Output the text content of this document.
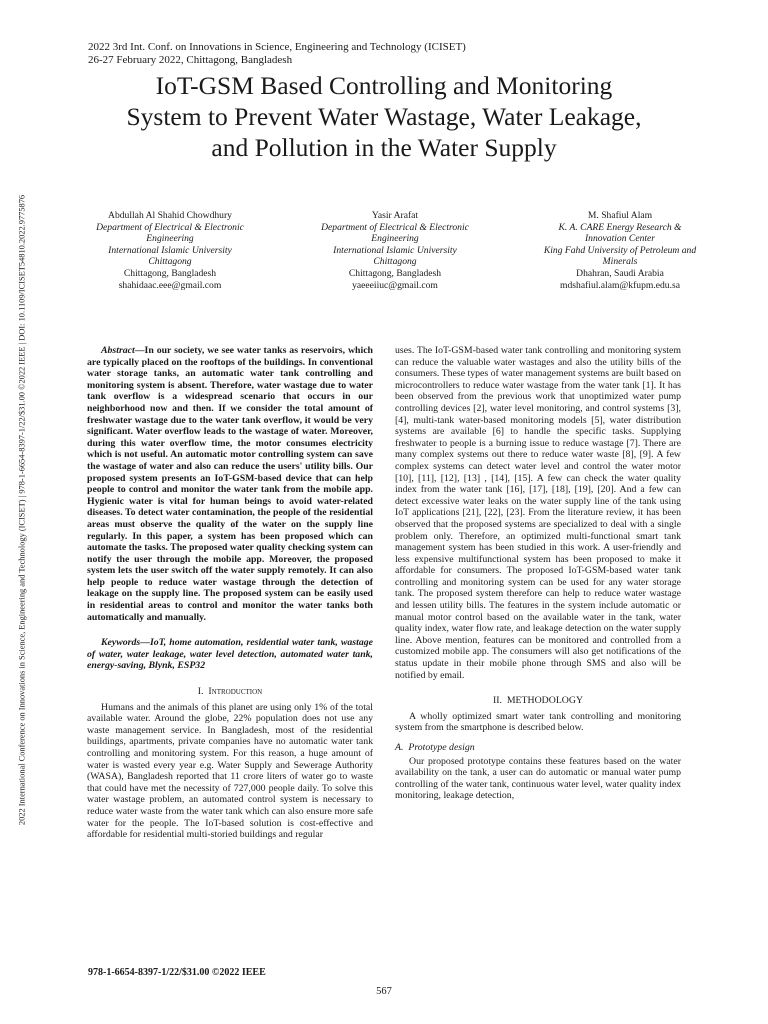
2022 International Conference on Innovations in Science, Engineering and Technology (ICISET) | 978-1-6654-8397-1/22/$31.00 ©2022 IEEE | DOI: 10.1109/ICISET54810.2022.9775876
2022 3rd Int. Conf. on Innovations in Science, Engineering and Technology (ICISET)
26-27 February 2022, Chittagong, Bangladesh
IoT-GSM Based Controlling and Monitoring
System to Prevent Water Wastage, Water Leakage,
and Pollution in the Water Supply
Abdullah Al Shahid Chowdhury
Department of Electrical & Electronic
Engineering
International Islamic University
Chittagong
Chittagong, Bangladesh
shahidaac.eee@gmail.com
Yasir Arafat
Department of Electrical & Electronic
Engineering
International Islamic University
Chittagong
Chittagong, Bangladesh
yaeeeiiuc@gmail.com
M. Shafiul Alam
K. A. CARE Energy Research &
Innovation Center
King Fahd University of Petroleum and
Minerals
Dhahran, Saudi Arabia
mdshafiul.alam@kfupm.edu.sa

Abstract—In our society, we see water tanks as reservoirs, which are typically placed on the rooftops of the buildings. In conventional water storage tanks, an automatic water tank controlling and monitoring system is absent. Therefore, water wastage due to water tank overflow is a widespread scenario that occurs in our neighborhood now and then. If we consider the total amount of freshwater wastage due to the water tank overflow, it would be very significant. Water overflow leads to the wastage of water. Moreover, during this water overflow time, the motor consumes electricity which is not useful. An automatic motor controlling system can save the wastage of water and also can reduce the users' utility bills. Our proposed system presents an IoT-GSM-based device that can help people to control and monitor the water tank from the mobile app. Hygienic water is vital for human beings to avoid water-related diseases. To detect water contamination, the people of the residential areas must observe the quality of the water on the supply line regularly. In this paper, a system has been proposed which can automate the tasks. The proposed water quality checking system can notify the user through the mobile app. Moreover, the proposed system lets the user switch off the water supply remotely. It can also help people to reduce water wastage through the detection of leakage on the supply line. The proposed system can be easily used in residential areas to control and monitor the water tanks both automatically and manually.

Keywords—IoT, home automation, residential water tank, wastage of water, water leakage, water level detection, automated water tank, energy-saving, Blynk, ESP32

I. Introduction

Humans and the animals of this planet are using only 1% of the total available water. Around the globe, 22% population does not use any waste management service. In Bangladesh, most of the residential buildings, apartments, private companies have no automatic water tank controlling and monitoring system. For this reason, a huge amount of water is wasted every year e.g. Water Supply and Sewerage Authority (WASA), Bangladesh reported that 11 crore liters of water go to waste that could have met the necessity of 727,000 people daily. To solve this water wastage problem, an automated control system is necessary to reduce water waste from the water tank which can also ensure more safe water for the people. The IoT-based solution is cost-effective and affordable for residential multi-storied buildings and regular

uses. The IoT-GSM-based water tank controlling and monitoring system can reduce the valuable water wastages and also the utility bills of the consumers. These types of water management systems are built based on microcontrollers to reduce water wastage from the water tank [1]. It has been observed from the previous work that unoptimized water pump controlling devices [2], water level monitoring, and control systems [3], [4], multi-tank water-based monitoring models [5], water distribution systems are available [6] to handle the specific tasks. Supplying freshwater to people is a burning issue to reduce wastage [7]. There are many complex systems out there to reduce water waste [8], [9]. A few complex systems can detect water level and control the water motor [10], [11], [12], [13] , [14], [15]. A few can check the water quality index from the water tank [16], [17], [18], [19], [20]. And a few can detect excessive water leaks on the water supply line of the tank using IoT applications [21], [22], [23]. From the literature review, it has been observed that the proposed systems are specialized to deal with a single problem only. Therefore, an optimized multi-functional smart tank management system has been studied in this work. A user-friendly and less expensive multifunctional system has been proposed to make it affordable for consumers. The proposed IoT-GSM-based water tank controlling and monitoring system can be used for any water storage tank. The proposed system therefore can help to reduce water wastage and lessen utility bills. The features in the system include automatic or manual motor control based on the available water in the tank, water quality index, water flow rate, and leakage detection on the water supply line. Above mention, features can be monitored and controlled from a customized mobile app. The consumers will also get notifications of the status update in their mobile phone through SMS and also will be notified by email.

II. METHODOLOGY

A wholly optimized smart water tank controlling and monitoring system from the smartphone is described below.

A. Prototype design

Our proposed prototype contains these features based on the water availability on the tank, a user can do automatic or manual water pump controlling of the water tank, continuous water level, water quality index monitoring, leakage detection,

978-1-6654-8397-1/22/$31.00 ©2022 IEEE
567
